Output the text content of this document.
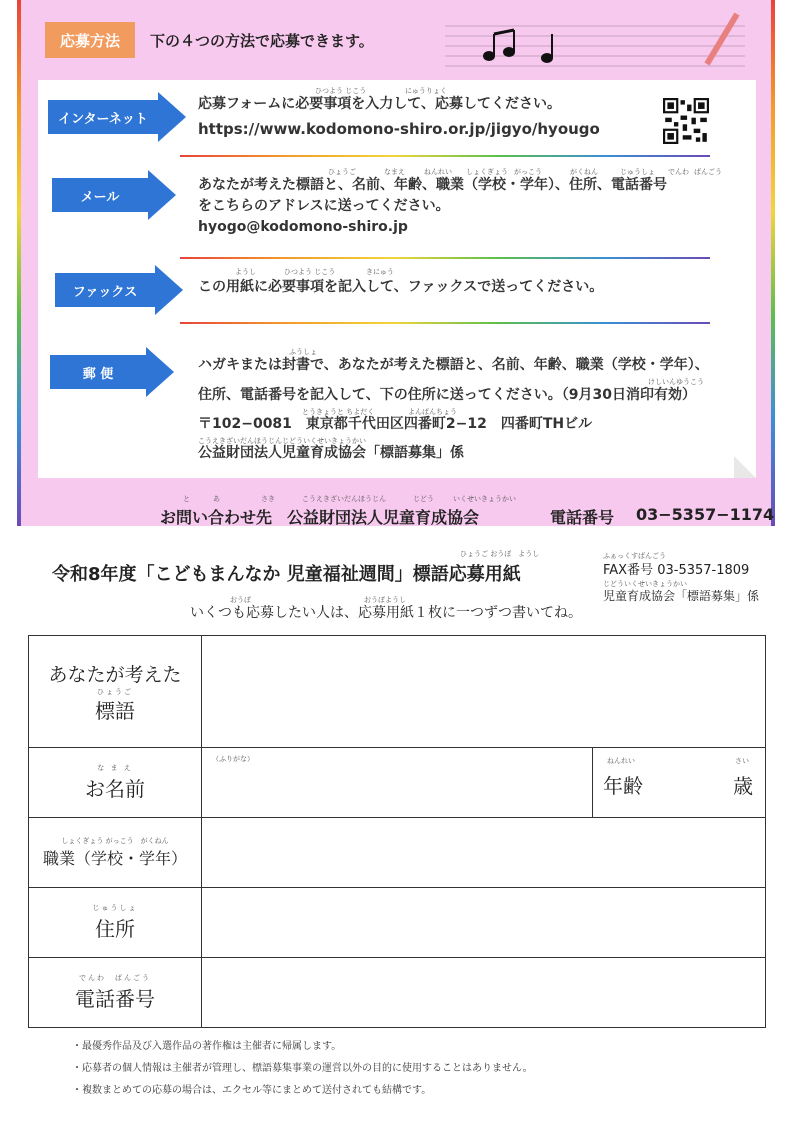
応募方法	下の４つの方法で応募できます。
インターネット
ひつよう じこう	にゅうりょく
応募フォームに必要事項を入力して、応募してください。
https://www.kodomono-shiro.or.jp/jigyo/hyougo
メール
ひょうご	なまえ	ねんれい しょくぎょう がっこう	がくねん	じゅうしょ でんわ ばんごう
あなたが考えた標語と、名前、年齢、職業（学校・学年）、住所、電話番号
をこちらのアドレスに送ってください。
hyogo@kodomono-shiro.jp
ファックス
ようし	ひつよう じこう	きにゅう
この用紙に必要事項を記入して、ファックスで送ってください。
郵 便
ふうしょ
ハガキまたは封書で、あなたが考えた標語と、名前、年齢、職業（学校・学年）、
けしいんゆうこう
住所、電話番号を記入して、下の住所に送ってください。（9月30日消印有効）
とうきょうと ちよだく	よんばんちょう
〒102−0081　東京都千代田区四番町2−12　四番町THビル
こうえきざいだんほうじんじどういくせいきょうかい
公益財団法人児童育成協会「標語募集」係
と	あ	さき	こうえきざいだんほうじん	じどう	いくせいきょうかい
お問い合わせ先 公益財団法人児童育成協会	電話番号 03−5357−1174
ひょうご おうぼ　ようし
令和8年度「こどもまんなか 児童福祉週間」標語応募用紙
ふぁっくすばんごう
FAX番号 03-5357-1809
じどういくせいきょうかい
児童育成協会「標語募集」係
おうぼ	おうぼようし
いくつも応募したい人は、応募用紙１枚に一つずつ書いてね。
あなたが考えた
ひょうご
標語		

な ま え
お名前	（ふりがな）	ねんれい さい
年齢 歳

しょくぎょう がっこう　がくねん
職業（学校・学年）		

じゅうしょ
住所		

でんわ　ばんごう
電話番号		

・最優秀作品及び入選作品の著作権は主催者に帰属します。
・応募者の個人情報は主催者が管理し、標語募集事業の運営以外の目的に使用することはありません。
・複数まとめての応募の場合は、エクセル等にまとめて送付されても結構です。
